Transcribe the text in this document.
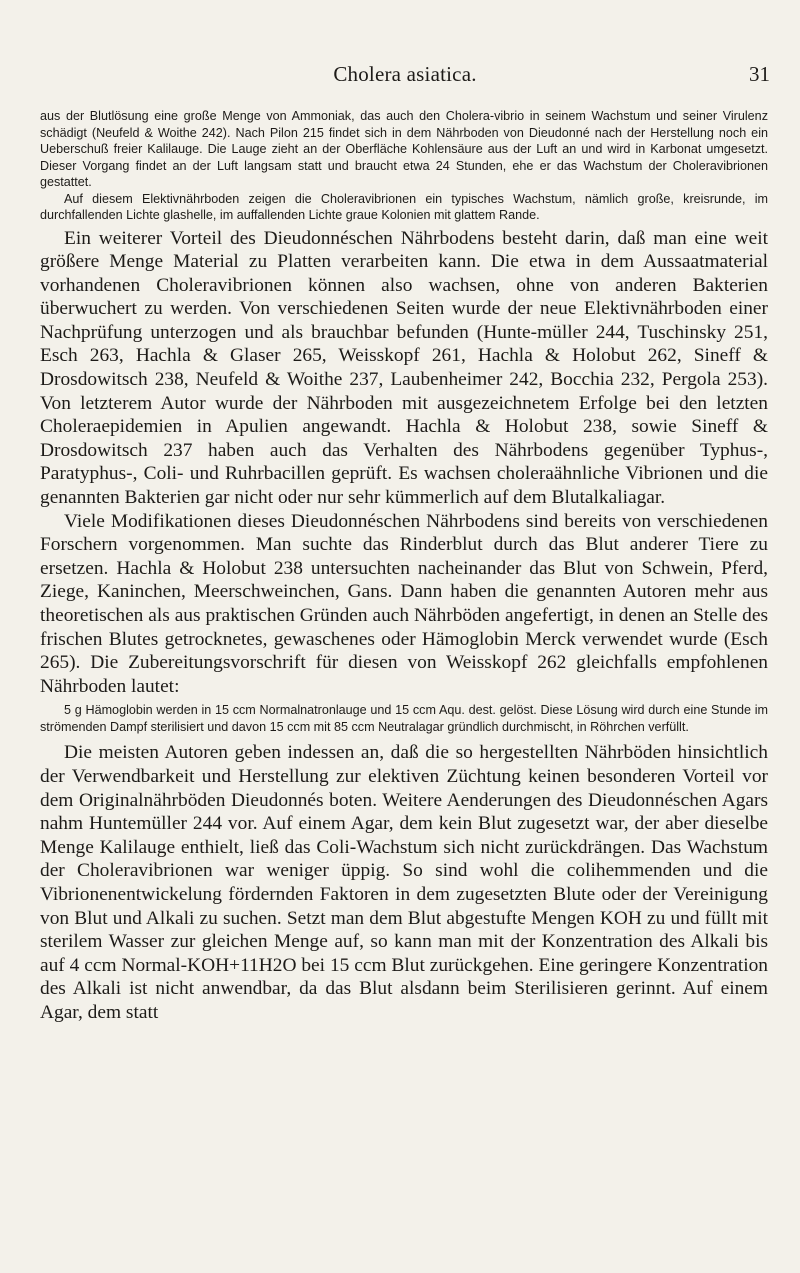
Cholera asiatica.	31

aus der Blutlösung eine große Menge von Ammoniak, das auch den Cholera-vibrio in seinem Wachstum und seiner Virulenz schädigt (Neufeld & Woithe 242). Nach Pilon 215 findet sich in dem Nährboden von Dieudonné nach der Herstellung noch ein Ueberschuß freier Kalilauge. Die Lauge zieht an der Oberfläche Kohlensäure aus der Luft an und wird in Karbonat umgesetzt. Dieser Vorgang findet an der Luft langsam statt und braucht etwa 24 Stunden, ehe er das Wachstum der Choleravibrionen gestattet.

Auf diesem Elektivnährboden zeigen die Choleravibrionen ein typisches Wachstum, nämlich große, kreisrunde, im durchfallenden Lichte glashelle, im auffallenden Lichte graue Kolonien mit glattem Rande.

Ein weiterer Vorteil des Dieudonnéschen Nährbodens besteht darin, daß man eine weit größere Menge Material zu Platten verarbeiten kann. Die etwa in dem Aussaatmaterial vorhandenen Choleravibrionen können also wachsen, ohne von anderen Bakterien überwuchert zu werden. Von verschiedenen Seiten wurde der neue Elektivnährboden einer Nachprüfung unterzogen und als brauchbar befunden (Hunte-müller 244, Tuschinsky 251, Esch 263, Hachla & Glaser 265, Weisskopf 261, Hachla & Holobut 262, Sineff & Drosdowitsch 238, Neufeld & Woithe 237, Laubenheimer 242, Bocchia 232, Pergola 253). Von letzterem Autor wurde der Nährboden mit ausgezeichnetem Erfolge bei den letzten Choleraepidemien in Apulien angewandt. Hachla & Holobut 238, sowie Sineff & Drosdowitsch 237 haben auch das Verhalten des Nährbodens gegenüber Typhus-, Paratyphus-, Coli- und Ruhrbacillen geprüft. Es wachsen choleraähnliche Vibrionen und die genannten Bakterien gar nicht oder nur sehr kümmerlich auf dem Blutalkaliagar.

Viele Modifikationen dieses Dieudonnéschen Nährbodens sind bereits von verschiedenen Forschern vorgenommen. Man suchte das Rinderblut durch das Blut anderer Tiere zu ersetzen. Hachla & Holobut 238 untersuchten nacheinander das Blut von Schwein, Pferd, Ziege, Kaninchen, Meerschweinchen, Gans. Dann haben die genannten Autoren mehr aus theoretischen als aus praktischen Gründen auch Nährböden angefertigt, in denen an Stelle des frischen Blutes getrocknetes, gewaschenes oder Hämoglobin Merck verwendet wurde (Esch 265). Die Zubereitungsvorschrift für diesen von Weisskopf 262 gleichfalls empfohlenen Nährboden lautet:

5 g Hämoglobin werden in 15 ccm Normalnatronlauge und 15 ccm Aqu. dest. gelöst. Diese Lösung wird durch eine Stunde im strömenden Dampf sterilisiert und davon 15 ccm mit 85 ccm Neutralagar gründlich durchmischt, in Röhrchen verfüllt.

Die meisten Autoren geben indessen an, daß die so hergestellten Nährböden hinsichtlich der Verwendbarkeit und Herstellung zur elektiven Züchtung keinen besonderen Vorteil vor dem Originalnährböden Dieudonnés boten. Weitere Aenderungen des Dieudonnéschen Agars nahm Huntemüller 244 vor. Auf einem Agar, dem kein Blut zugesetzt war, der aber dieselbe Menge Kalilauge enthielt, ließ das Coli-Wachstum sich nicht zurückdrängen. Das Wachstum der Choleravibrionen war weniger üppig. So sind wohl die colihemmenden und die Vibrionenentwickelung fördernden Faktoren in dem zugesetzten Blute oder der Vereinigung von Blut und Alkali zu suchen. Setzt man dem Blut abgestufte Mengen KOH zu und füllt mit sterilem Wasser zur gleichen Menge auf, so kann man mit der Konzentration des Alkali bis auf 4 ccm Normal-KOH+11H2O bei 15 ccm Blut zurückgehen. Eine geringere Konzentration des Alkali ist nicht anwendbar, da das Blut alsdann beim Sterilisieren gerinnt. Auf einem Agar, dem statt
